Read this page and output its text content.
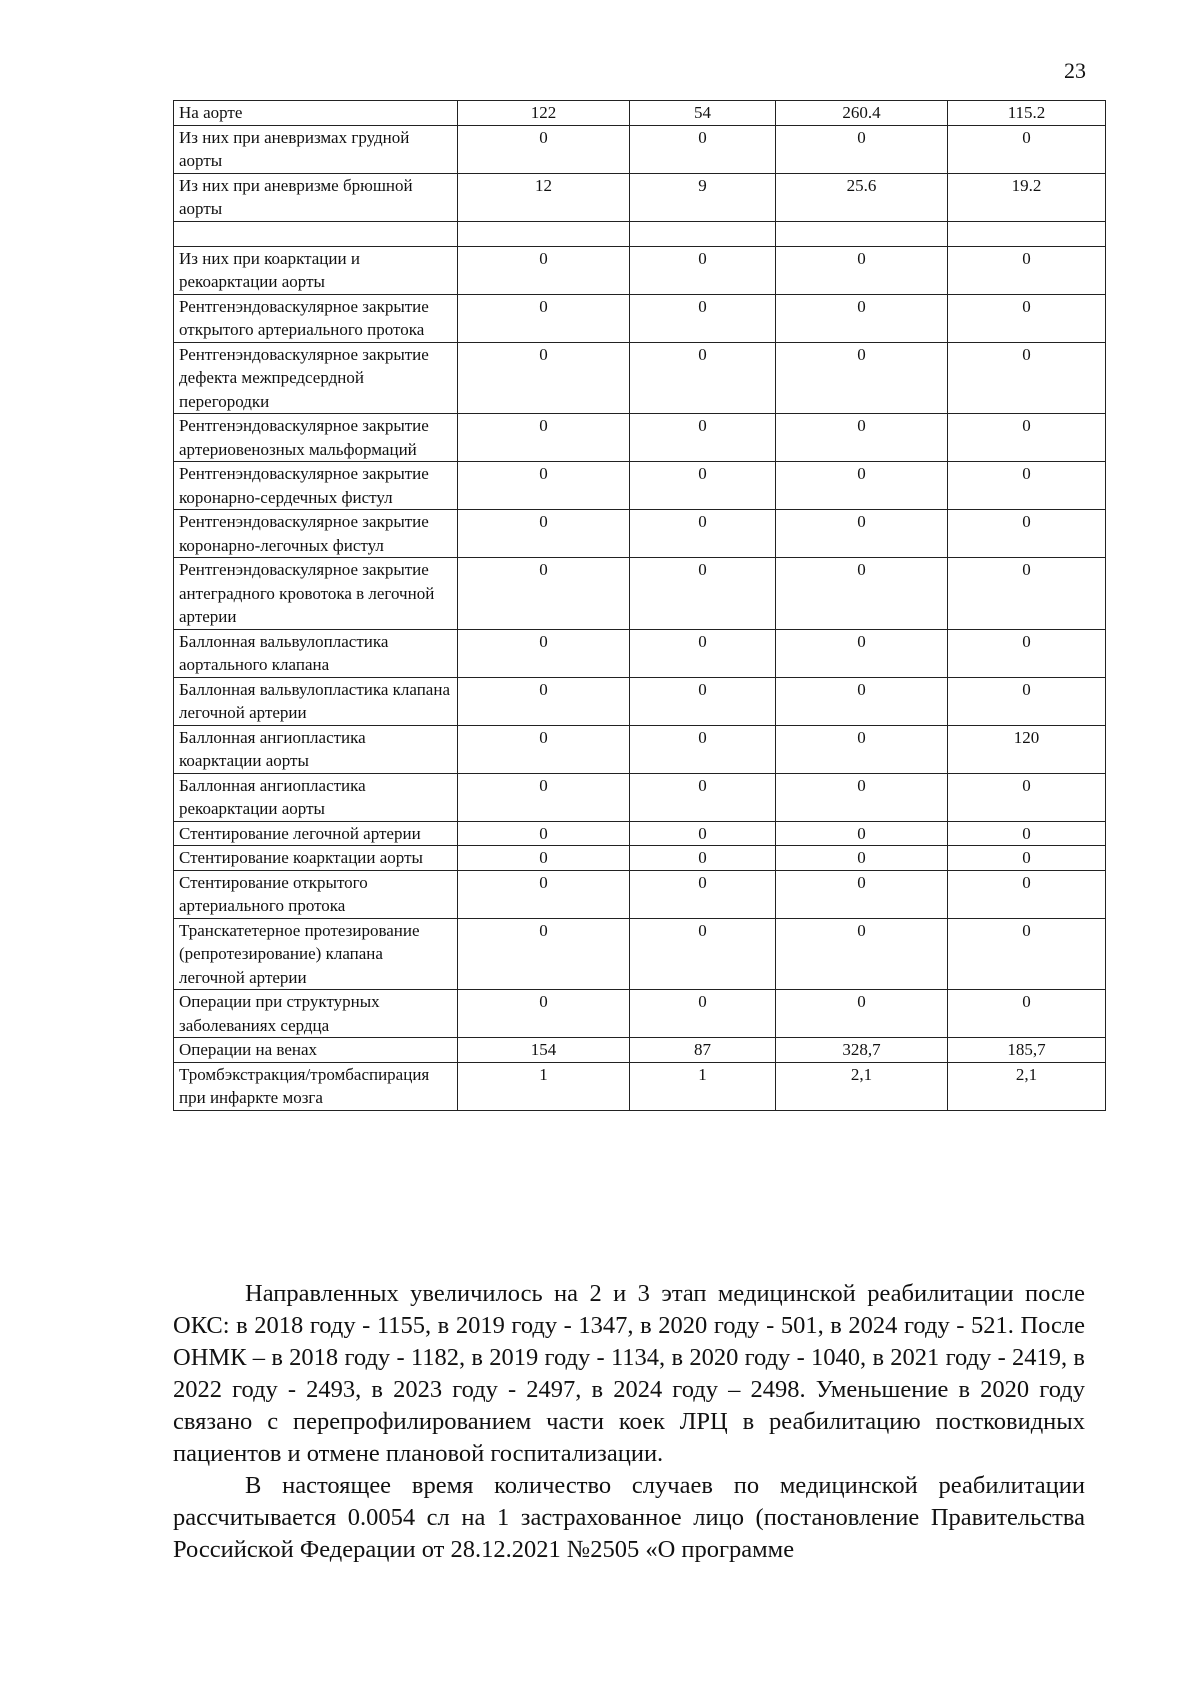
23
На аорте	122	54	260.4	115.2
Из них при аневризмах грудной аорты	0	0	0	0
Из них при аневризме брюшной аорты	12	9	25.6	19.2

Из них при коарктации и рекоарктации аорты	0	0	0	0
Рентгенэндоваскулярное закрытие открытого артериального протока	0	0	0	0
Рентгенэндоваскулярное закрытие дефекта межпредсердной перегородки	0	0	0	0
Рентгенэндоваскулярное закрытие артериовенозных мальформаций	0	0	0	0
Рентгенэндоваскулярное закрытие коронарно-сердечных фистул	0	0	0	0
Рентгенэндоваскулярное закрытие коронарно-легочных фистул	0	0	0	0
Рентгенэндоваскулярное закрытие антеградного кровотока в легочной артерии	0	0	0	0
Баллонная вальвулопластика аортального клапана	0	0	0	0
Баллонная вальвулопластика клапана легочной артерии	0	0	0	0
Баллонная ангиопластика коарктации аорты	0	0	0	120
Баллонная ангиопластика рекоарктации аорты	0	0	0	0
Стентирование легочной артерии	0	0	0	0
Стентирование коарктации аорты	0	0	0	0
Стентирование открытого артериального протока	0	0	0	0
Транскатетерное протезирование (репротезирование) клапана легочной артерии	0	0	0	0
Операции при структурных заболеваниях сердца	0	0	0	0
Операции на венах	154	87	328,7	185,7
Тромбэкстракция/тромбаспирация при инфаркте мозга	1	1	2,1	2,1

Направленных увеличилось на 2 и 3 этап медицинской реабилитации после ОКС: в 2018 году - 1155, в 2019 году - 1347, в 2020 году - 501, в 2024 году - 521. После ОНМК – в 2018 году - 1182, в 2019 году - 1134, в 2020 году - 1040, в 2021 году - 2419, в 2022 году - 2493, в 2023 году - 2497, в 2024 году – 2498. Уменьшение в 2020 году связано с перепрофилированием части коек ЛРЦ в реабилитацию постковидных пациентов и отмене плановой госпитализации.

В настоящее время количество случаев по медицинской реабилитации рассчитывается 0.0054 сл на 1 застрахованное лицо (постановление Правительства Российской Федерации от 28.12.2021 №2505 «О программе
